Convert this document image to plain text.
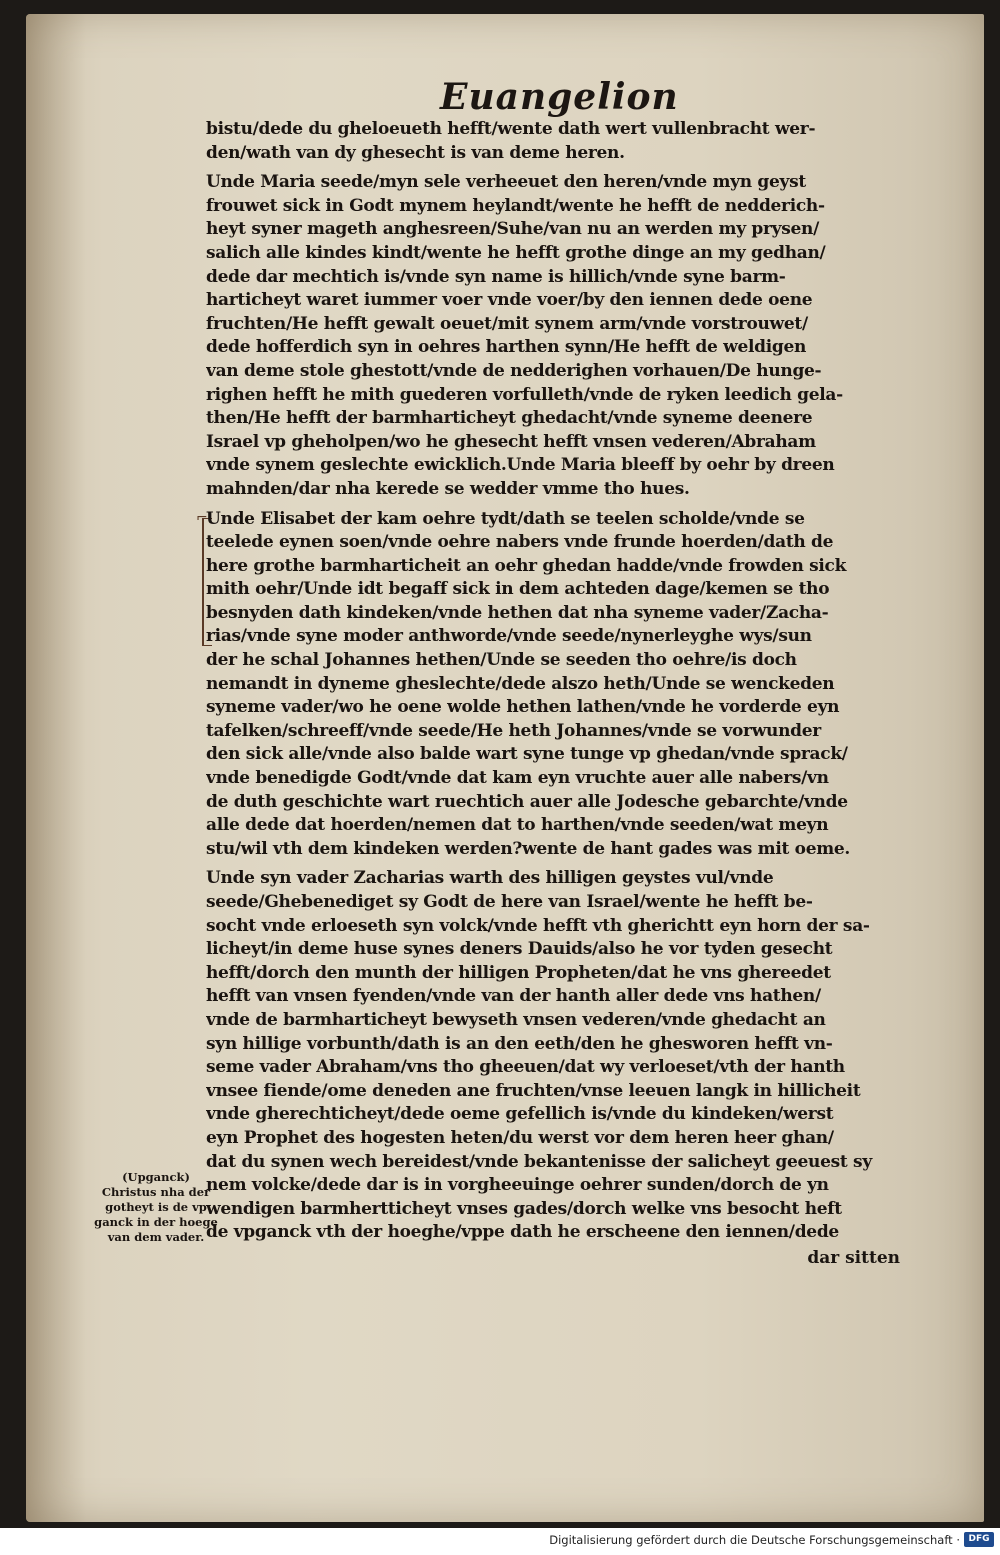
Euangelion
⌐
bistu/dede du gheloeueth hefft/wente dath wert vullenbracht wer-
den/wath van dy ghesecht is van deme heren.
Unde Maria seede/myn sele verheeuet den heren/vnde myn geyst
frouwet sick in Godt mynem heylandt/wente he hefft de nedderich-
heyt syner mageth anghesreen/Suhe/van nu an werden my prysen/
salich alle kindes kindt/wente he hefft grothe dinge an my gedhan/
dede dar mechtich is/vnde syn name is hillich/vnde syne barm-
harticheyt waret iummer voer vnde voer/by den iennen dede oene
fruchten/He hefft gewalt oeuet/mit synem arm/vnde vorstrouwet/
dede hofferdich syn in oehres harthen synn/He hefft de weldigen
van deme stole ghestott/vnde de nedderighen vorhauen/De hunge-
righen hefft he mith guederen vorfulleth/vnde de ryken leedich gela-
then/He hefft der barmharticheyt ghedacht/vnde syneme deenere
Israel vp gheholpen/wo he ghesecht hefft vnsen vederen/Abraham
vnde synem geslechte ewicklich.Unde Maria bleeff by oehr by dreen
mahnden/dar nha kerede se wedder vmme tho hues.
Unde Elisabet der kam oehre tydt/dath se teelen scholde/vnde se
teelede eynen soen/vnde oehre nabers vnde frunde hoerden/dath de
here grothe barmharticheit an oehr ghedan hadde/vnde frowden sick
mith oehr/Unde idt begaff sick in dem achteden dage/kemen se tho
besnyden dath kindeken/vnde hethen dat nha syneme vader/Zacha-
rias/vnde syne moder anthworde/vnde seede/nynerleyghe wys/sun
der he schal Johannes hethen/Unde se seeden tho oehre/is doch
nemandt in dyneme gheslechte/dede alszo heth/Unde se wenckeden
syneme vader/wo he oene wolde hethen lathen/vnde he vorderde eyn
tafelken/schreeff/vnde seede/He heth Johannes/vnde se vorwunder
den sick alle/vnde also balde wart syne tunge vp ghedan/vnde sprack/
vnde benedigde Godt/vnde dat kam eyn vruchte auer alle nabers/vn
de duth geschichte wart ruechtich auer alle Jodesche gebarchte/vnde
alle dede dat hoerden/nemen dat to harthen/vnde seeden/wat meyn
stu/wil vth dem kindeken werden?wente de hant gades was mit oeme.
Unde syn vader Zacharias warth des hilligen geystes vul/vnde
seede/Ghebenediget sy Godt de here van Israel/wente he hefft be-
socht vnde erloeseth syn volck/vnde hefft vth gherichtt eyn horn der sa-
licheyt/in deme huse synes deners Dauids/also he vor tyden gesecht
hefft/dorch den munth der hilligen Propheten/dat he vns ghereedet
hefft van vnsen fyenden/vnde van der hanth aller dede vns hathen/
vnde de barmharticheyt bewyseth vnsen vederen/vnde ghedacht an
syn hillige vorbunth/dath is an den eeth/den he ghesworen hefft vn-
seme vader Abraham/vns tho gheeuen/dat wy verloeset/vth der hanth
vnsee fiende/ome deneden ane fruchten/vnse leeuen langk in hillicheit
vnde gherechticheyt/dede oeme gefellich is/vnde du kindeken/werst
eyn Prophet des hogesten heten/du werst vor dem heren heer ghan/
dat du synen wech bereidest/vnde bekantenisse der salicheyt geeuest sy
nem volcke/dede dar is in vorgheeuinge oehrer sunden/dorch de yn
wendigen barmhertticheyt vnses gades/dorch welke vns besocht heft
de vpganck vth der hoeghe/vppe dath he erscheene den iennen/dede
dar sitten
(Upganck)
Christus nha der
gotheyt is de vp
ganck in der hoege
van dem vader.
Digitalisierung gefördert durch die Deutsche Forschungsgemeinschaft · DFG
